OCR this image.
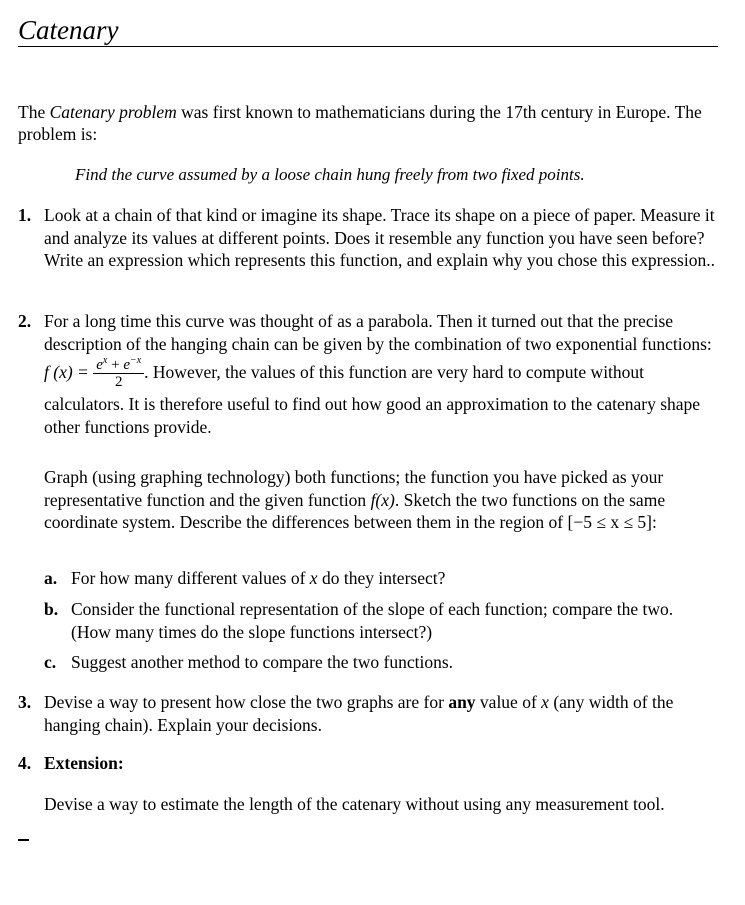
Catenary
The Catenary problem was first known to mathematicians during the 17th century in Europe. The problem is:
Find the curve assumed by a loose chain hung freely from two fixed points.
1. Look at a chain of that kind or imagine its shape. Trace its shape on a piece of paper. Measure it and analyze its values at different points. Does it resemble any function you have seen before? Write an expression which represents this function, and explain why you chose this expression..
2. For a long time this curve was thought of as a parabola. Then it turned out that the precise description of the hanging chain can be given by the combination of two exponential functions: f $(x) = \frac{e^x + e^{-x}}{2}$ . However, the values of this function are very hard to compute without calculators. It is therefore useful to find out how good an approximation to the catenary shape other functions provide.
Graph (using graphing technology) both functions; the function you have picked as your representative function and the given function f(x). Sketch the two functions on the same coordinate system. Describe the differences between them in the region of [−5 ≤ x ≤ 5]:
a. For how many different values of x do they intersect?
b. Consider the functional representation of the slope of each function; compare the two. (How many times do the slope functions intersect?)
c. Suggest another method to compare the two functions.
3. Devise a way to present how close the two graphs are for any value of x (any width of the hanging chain). Explain your decisions.
4. Extension:
Devise a way to estimate the length of the catenary without using any measurement tool.
